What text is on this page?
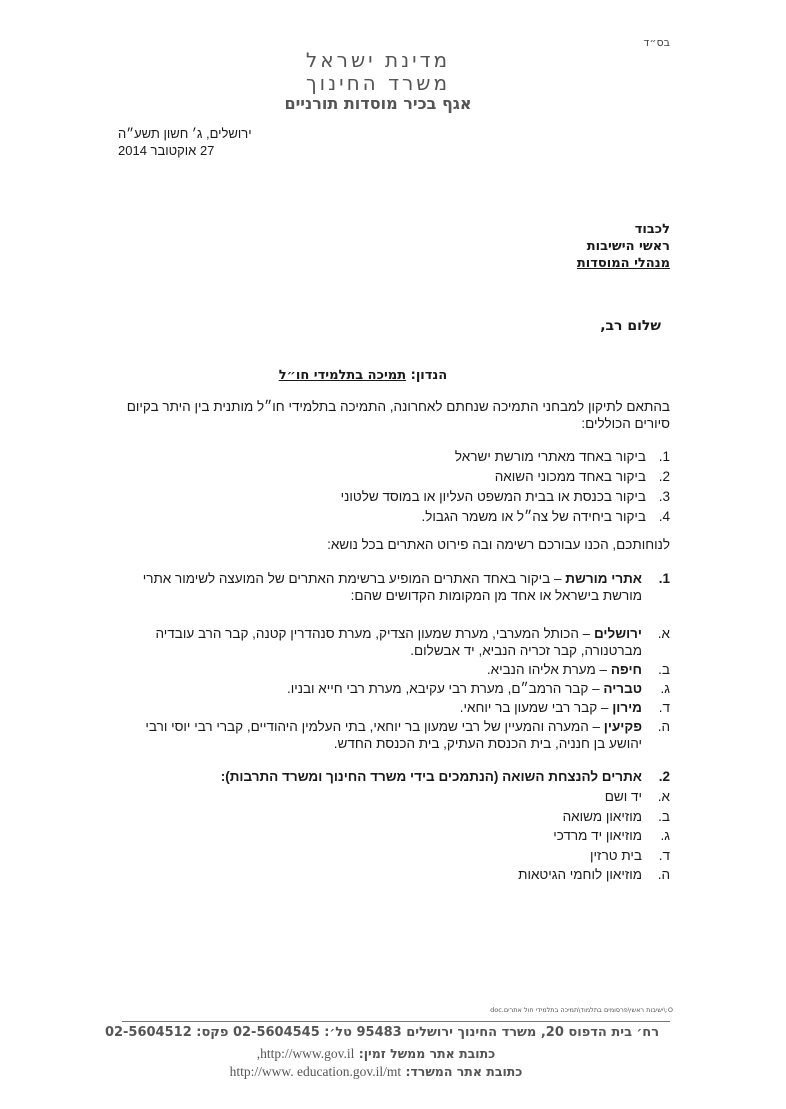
בס״ד
מדינת ישראל
משרד החינוך
אגף בכיר מוסדות תורניים
ירושלים, ג׳ חשון תשע״ה
27 אוקטובר 2014
לכבוד
ראשי הישיבות
מנהלי המוסדות
שלום רב,
הנדון: תמיכה בתלמידי חו״ל
בהתאם לתיקון למבחני התמיכה שנחתם לאחרונה, התמיכה בתלמידי חו״ל מותנית בין היתר בקיום סיורים הכוללים:
1.
ביקור באחד מאתרי מורשת ישראל
2.
ביקור באחד ממכוני השואה
3.
ביקור בכנסת או בבית המשפט העליון או במוסד שלטוני
4.
ביקור ביחידה של צה״ל או משמר הגבול.
לנוחותכם, הכנו עבורכם רשימה ובה פירוט האתרים בכל נושא:
1.
אתרי מורשת – ביקור באחד האתרים המופיע ברשימת האתרים של המועצה לשימור אתרי מורשת בישראל או אחד מן המקומות הקדושים שהם:
א.
ירושלים – הכותל המערבי, מערת שמעון הצדיק, מערת סנהדרין קטנה, קבר הרב עובדיה מברטנורה, קבר זכריה הנביא, יד אבשלום.
ב.
חיפה – מערת אליהו הנביא.
ג.
טבריה – קבר הרמב״ם, מערת רבי עקיבא, מערת רבי חייא ובניו.
ד.
מירון – קבר רבי שמעון בר יוחאי.
ה.
פקיעין – המערה והמעיין של רבי שמעון בר יוחאי, בתי העלמין היהודיים, קברי רבי יוסי ורבי יהושע בן חנניה, בית הכנסת העתיק, בית הכנסת החדש.
2.
אתרים להנצחת השואה (הנתמכים בידי משרד החינוך ומשרד התרבות):
א.
יד ושם
ב.
מוזיאון משואה
ג.
מוזיאון יד מרדכי
ד.
בית טרזין
ה.
מוזיאון לוחמי הגיטאות
O:\ישיבות ראשי\פרסומים בתלמוד\תמיכה בתלמידי חול אתרים.doc
רח׳ בית הדפוס 20, משרד החינוך ירושלים 95483 טל׳: 02-5604545 פקס: 02-5604512
כתובת אתר ממשל זמין: http://www.gov.il,
כתובת אתר המשרד: http://www. education.gov.il/mt
